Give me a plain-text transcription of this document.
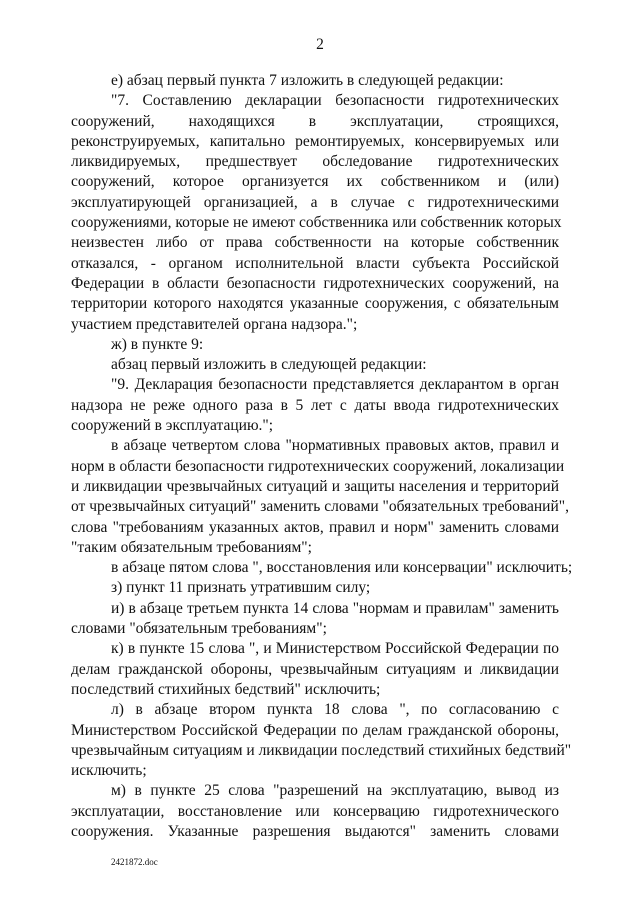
2
е) абзац первый пункта 7 изложить в следующей редакции:
"7. Составлению декларации безопасности гидротехнических
сооружений, находящихся в эксплуатации, строящихся,
реконструируемых, капитально ремонтируемых, консервируемых или
ликвидируемых, предшествует обследование гидротехнических
сооружений, которое организуется их собственником и (или)
эксплуатирующей организацией, а в случае с гидротехническими
сооружениями, которые не имеют собственника или собственник которых
неизвестен либо от права собственности на которые собственник
отказался, - органом исполнительной власти субъекта Российской
Федерации в области безопасности гидротехнических сооружений, на
территории которого находятся указанные сооружения, с обязательным
участием представителей органа надзора.";
ж) в пункте 9:
абзац первый изложить в следующей редакции:
"9. Декларация безопасности представляется декларантом в орган
надзора не реже одного раза в 5 лет с даты ввода гидротехнических
сооружений в эксплуатацию.";
в абзаце четвертом слова "нормативных правовых актов, правил и
норм в области безопасности гидротехнических сооружений, локализации
и ликвидации чрезвычайных ситуаций и защиты населения и территорий
от чрезвычайных ситуаций" заменить словами "обязательных требований",
слова "требованиям указанных актов, правил и норм" заменить словами
"таким обязательным требованиям";
в абзаце пятом слова ", восстановления или консервации" исключить;
з) пункт 11 признать утратившим силу;
и) в абзаце третьем пункта 14 слова "нормам и правилам" заменить
словами "обязательным требованиям";
к) в пункте 15 слова ", и Министерством Российской Федерации по
делам гражданской обороны, чрезвычайным ситуациям и ликвидации
последствий стихийных бедствий" исключить;
л) в абзаце втором пункта 18 слова ", по согласованию с
Министерством Российской Федерации по делам гражданской обороны,
чрезвычайным ситуациям и ликвидации последствий стихийных бедствий"
исключить;
м) в пункте 25 слова "разрешений на эксплуатацию, вывод из
эксплуатации, восстановление или консервацию гидротехнического
сооружения. Указанные разрешения выдаются" заменить словами
2421872.doc
